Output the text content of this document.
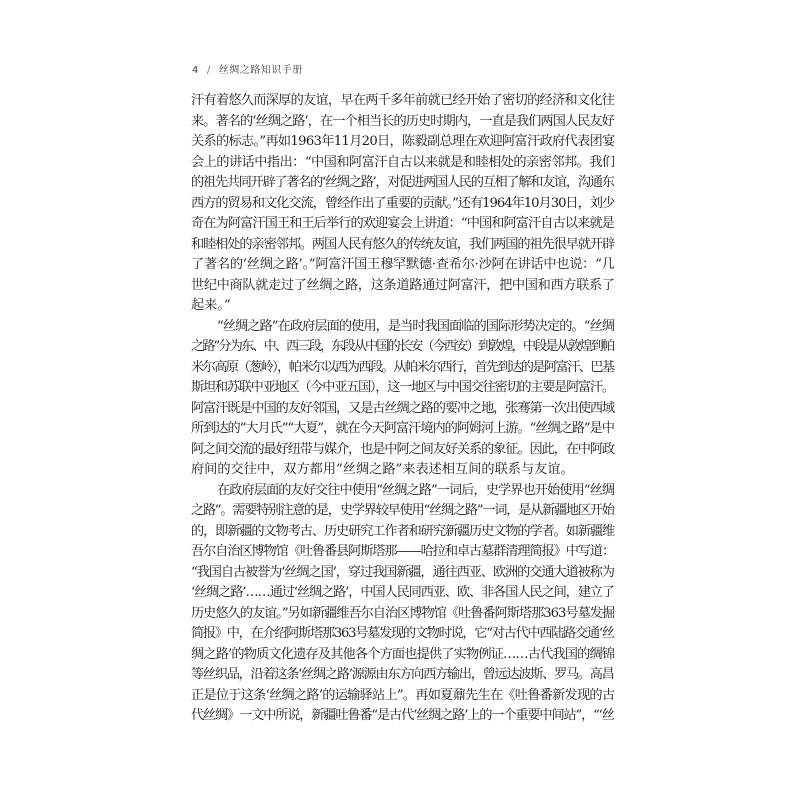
4 / 丝绸之路知识手册
汗有着悠久而深厚的友谊，早在两千多年前就已经开始了密切的经济和文化往
来。著名的‘丝绸之路’，在一个相当长的历史时期内，一直是我们两国人民友好
关系的标志。”再如1963年11月20日，陈毅副总理在欢迎阿富汗政府代表团宴
会上的讲话中指出：“中国和阿富汗自古以来就是和睦相处的亲密邻邦。我们
的祖先共同开辟了著名的‘丝绸之路’，对促进两国人民的互相了解和友谊，沟通东
西方的贸易和文化交流，曾经作出了重要的贡献。”还有1964年10月30日，刘少
奇在为阿富汗国王和王后举行的欢迎宴会上讲道：“中国和阿富汗自古以来就是
和睦相处的亲密邻邦。两国人民有悠久的传统友谊，我们两国的祖先很早就开辟
了著名的‘丝绸之路’。”阿富汗国王穆罕默德·查希尔·沙阿在讲话中也说：“几
世纪中商队就走过了丝绸之路，这条道路通过阿富汗，把中国和西方联系了
起来。”
“丝绸之路”在政府层面的使用，是当时我国面临的国际形势决定的。“丝绸
之路”分为东、中、西三段，东段从中国的长安（今西安）到敦煌，中段是从敦煌到帕
米尔高原（葱岭），帕米尔以西为西段。从帕米尔西行，首先到达的是阿富汗、巴基
斯坦和苏联中亚地区（今中亚五国），这一地区与中国交往密切的主要是阿富汗。
阿富汗既是中国的友好邻国，又是古丝绸之路的要冲之地，张骞第一次出使西域
所到达的“大月氏”“大夏”，就在今天阿富汗境内的阿姆河上游。“丝绸之路”是中
阿之间交流的最好纽带与媒介，也是中阿之间友好关系的象征。因此，在中阿政
府间的交往中，双方都用“丝绸之路”来表述相互间的联系与友谊。
在政府层面的友好交往中使用“丝绸之路”一词后，史学界也开始使用“丝绸
之路”。需要特别注意的是，史学界较早使用“丝绸之路”一词，是从新疆地区开始
的，即新疆的文物考古、历史研究工作者和研究新疆历史文物的学者。如新疆维
吾尔自治区博物馆《吐鲁番县阿斯塔那——哈拉和卓古墓群清理简报》中写道：
“我国自古被誉为‘丝绸之国’，穿过我国新疆，通往西亚、欧洲的交通大道被称为
‘丝绸之路’……通过‘丝绸之路’，中国人民同西亚、欧、非各国人民之间，建立了
历史悠久的友谊。”另如新疆维吾尔自治区博物馆《吐鲁番阿斯塔那363号墓发掘
简报》中，在介绍阿斯塔那363号墓发现的文物时说，它“对古代中西陆路交通‘丝
绸之路’的物质文化遗存及其他各个方面也提供了实物例证……古代我国的绸锦
等丝织品，沿着这条‘丝绸之路’源源由东方向西方输出，曾远达波斯、罗马。高昌
正是位于这条‘丝绸之路’的运输驿站上”。再如夏鼐先生在《吐鲁番新发现的古
代丝绸》一文中所说，新疆吐鲁番“是古代‘丝绸之路’上的一个重要中间站”，“‘丝
